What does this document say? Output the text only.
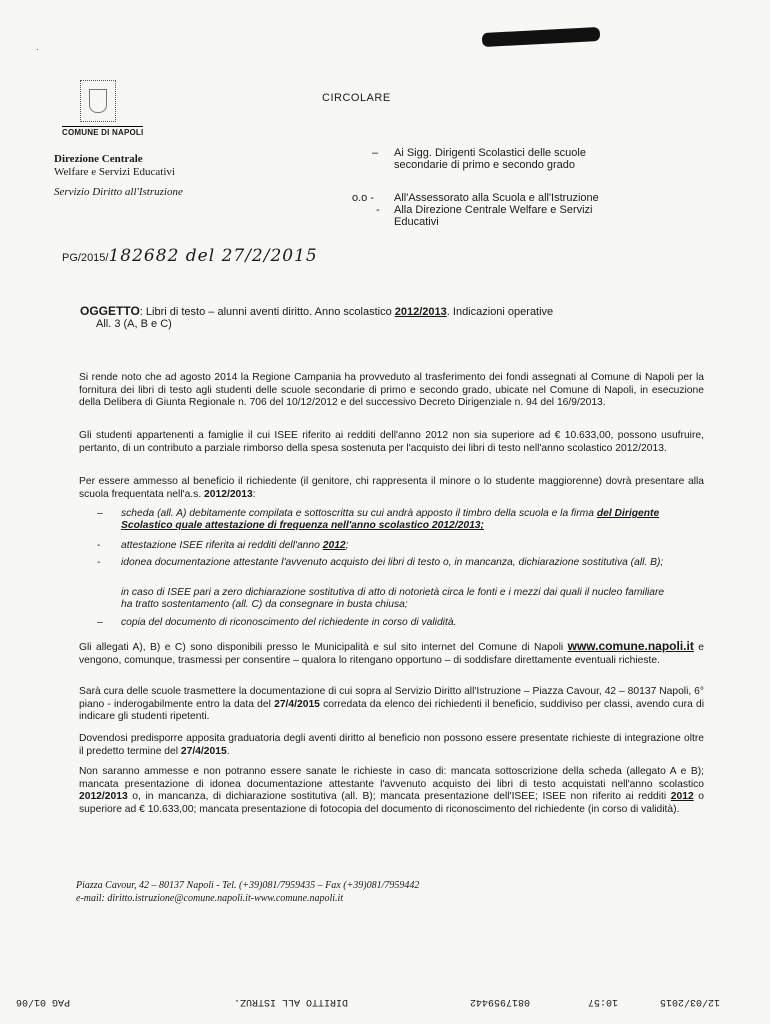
·
COMUNE DI NAPOLI
CIRCOLARE
Direzione Centrale
Welfare e Servizi Educativi
Servizio Diritto all'Istruzione
– Ai Sigg. Dirigenti Scolastici delle scuole secondarie di primo e secondo grado
o.o - All'Assessorato alla Scuola e all'Istruzione
- Alla Direzione Centrale Welfare e Servizi Educativi
PG/2015/182682 del 27/2/2015
OGGETTO: Libri di testo – alunni aventi diritto. Anno scolastico 2012/2013. Indicazioni operative
All. 3 (A, B e C)
Si rende noto che ad agosto 2014 la Regione Campania ha provveduto al trasferimento dei fondi assegnati al Comune di Napoli per la fornitura dei libri di testo agli studenti delle scuole secondarie di primo e secondo grado, ubicate nel Comune di Napoli, in esecuzione della Delibera di Giunta Regionale n. 706 del 10/12/2012 e del successivo Decreto Dirigenziale n. 94 del 16/9/2013.
Gli studenti appartenenti a famiglie il cui ISEE riferito ai redditi dell'anno 2012 non sia superiore ad € 10.633,00, possono usufruire, pertanto, di un contributo a parziale rimborso della spesa sostenuta per l'acquisto dei libri di testo nell'anno scolastico 2012/2013.
Per essere ammesso al beneficio il richiedente (il genitore, chi rappresenta il minore o lo studente maggiorenne) dovrà presentare alla scuola frequentata nell'a.s. 2012/2013:
– scheda (all. A) debitamente compilata e sottoscritta su cui andrà apposto il timbro della scuola e la firma del Dirigente Scolastico quale attestazione di frequenza nell'anno scolastico 2012/2013;
- attestazione ISEE riferita ai redditi dell'anno 2012;
- idonea documentazione attestante l'avvenuto acquisto dei libri di testo o, in mancanza, dichiarazione sostitutiva (all. B);
in caso di ISEE pari a zero dichiarazione sostitutiva di atto di notorietà circa le fonti e i mezzi dai quali il nucleo familiare ha tratto sostentamento (all. C) da consegnare in busta chiusa;
– copia del documento di riconoscimento del richiedente in corso di validità.
Gli allegati A), B) e C) sono disponibili presso le Municipalità e sul sito internet del Comune di Napoli www.comune.napoli.it e vengono, comunque, trasmessi per consentire – qualora lo ritengano opportuno – di soddisfare direttamente eventuali richieste.
Sarà cura delle scuole trasmettere la documentazione di cui sopra al Servizio Diritto all'Istruzione – Piazza Cavour, 42 – 80137 Napoli, 6° piano - inderogabilmente entro la data del 27/4/2015 corredata da elenco dei richiedenti il beneficio, suddiviso per classi, avendo cura di indicare gli studenti ripetenti.
Dovendosi predisporre apposita graduatoria degli aventi diritto al beneficio non possono essere presentate richieste di integrazione oltre il predetto termine del 27/4/2015.
Non saranno ammesse e non potranno essere sanate le richieste in caso di: mancata sottoscrizione della scheda (allegato A e B); mancata presentazione di idonea documentazione attestante l'avvenuto acquisto dei libri di testo acquistati nell'anno scolastico 2012/2013 o, in mancanza, di dichiarazione sostitutiva (all. B); mancata presentazione dell'ISEE; ISEE non riferito ai redditi 2012 o superiore ad € 10.633,00; mancata presentazione di fotocopia del documento di riconoscimento del richiedente (in corso di validità).
Piazza Cavour, 42 – 80137 Napoli - Tel. (+39)081/7959435 – Fax (+39)081/7959442
e-mail: diritto.istruzione@comune.napoli.it-www.comune.napoli.it
PAG 01/06	DIRITTO ALL ISTRUZ.	0817959442	10:57	12/03/2015
